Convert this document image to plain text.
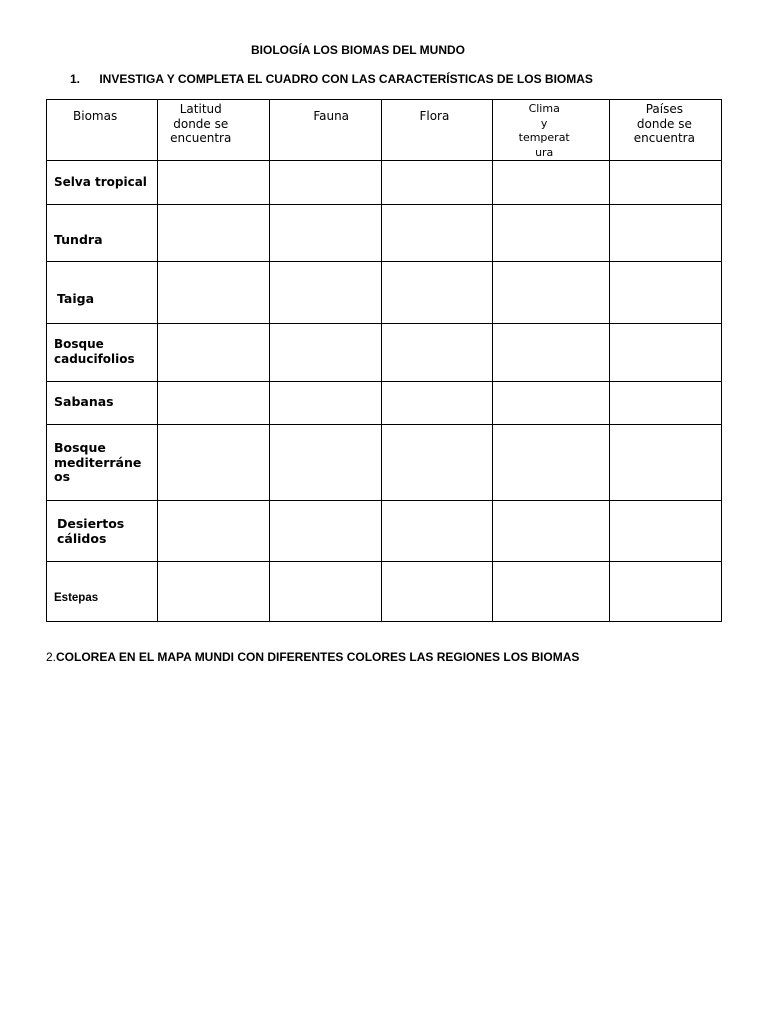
BIOLOGÍA LOS BIOMAS DEL MUNDO
1. INVESTIGA Y COMPLETA EL CUADRO CON LAS CARACTERÍSTICAS DE LOS BIOMAS
Biomas	Latitud
donde se
encuentra	Fauna	Flora	Clima
y
temperat
ura	Países
donde se
encuentra

Selva tropical					

Tundra					

Taiga					

Bosque
caducifolios					

Sabanas					

Bosque
mediterráne
os					

Desiertos
cálidos					

Estepas					

2.COLOREA EN EL MAPA MUNDI CON DIFERENTES COLORES LAS REGIONES LOS BIOMAS
